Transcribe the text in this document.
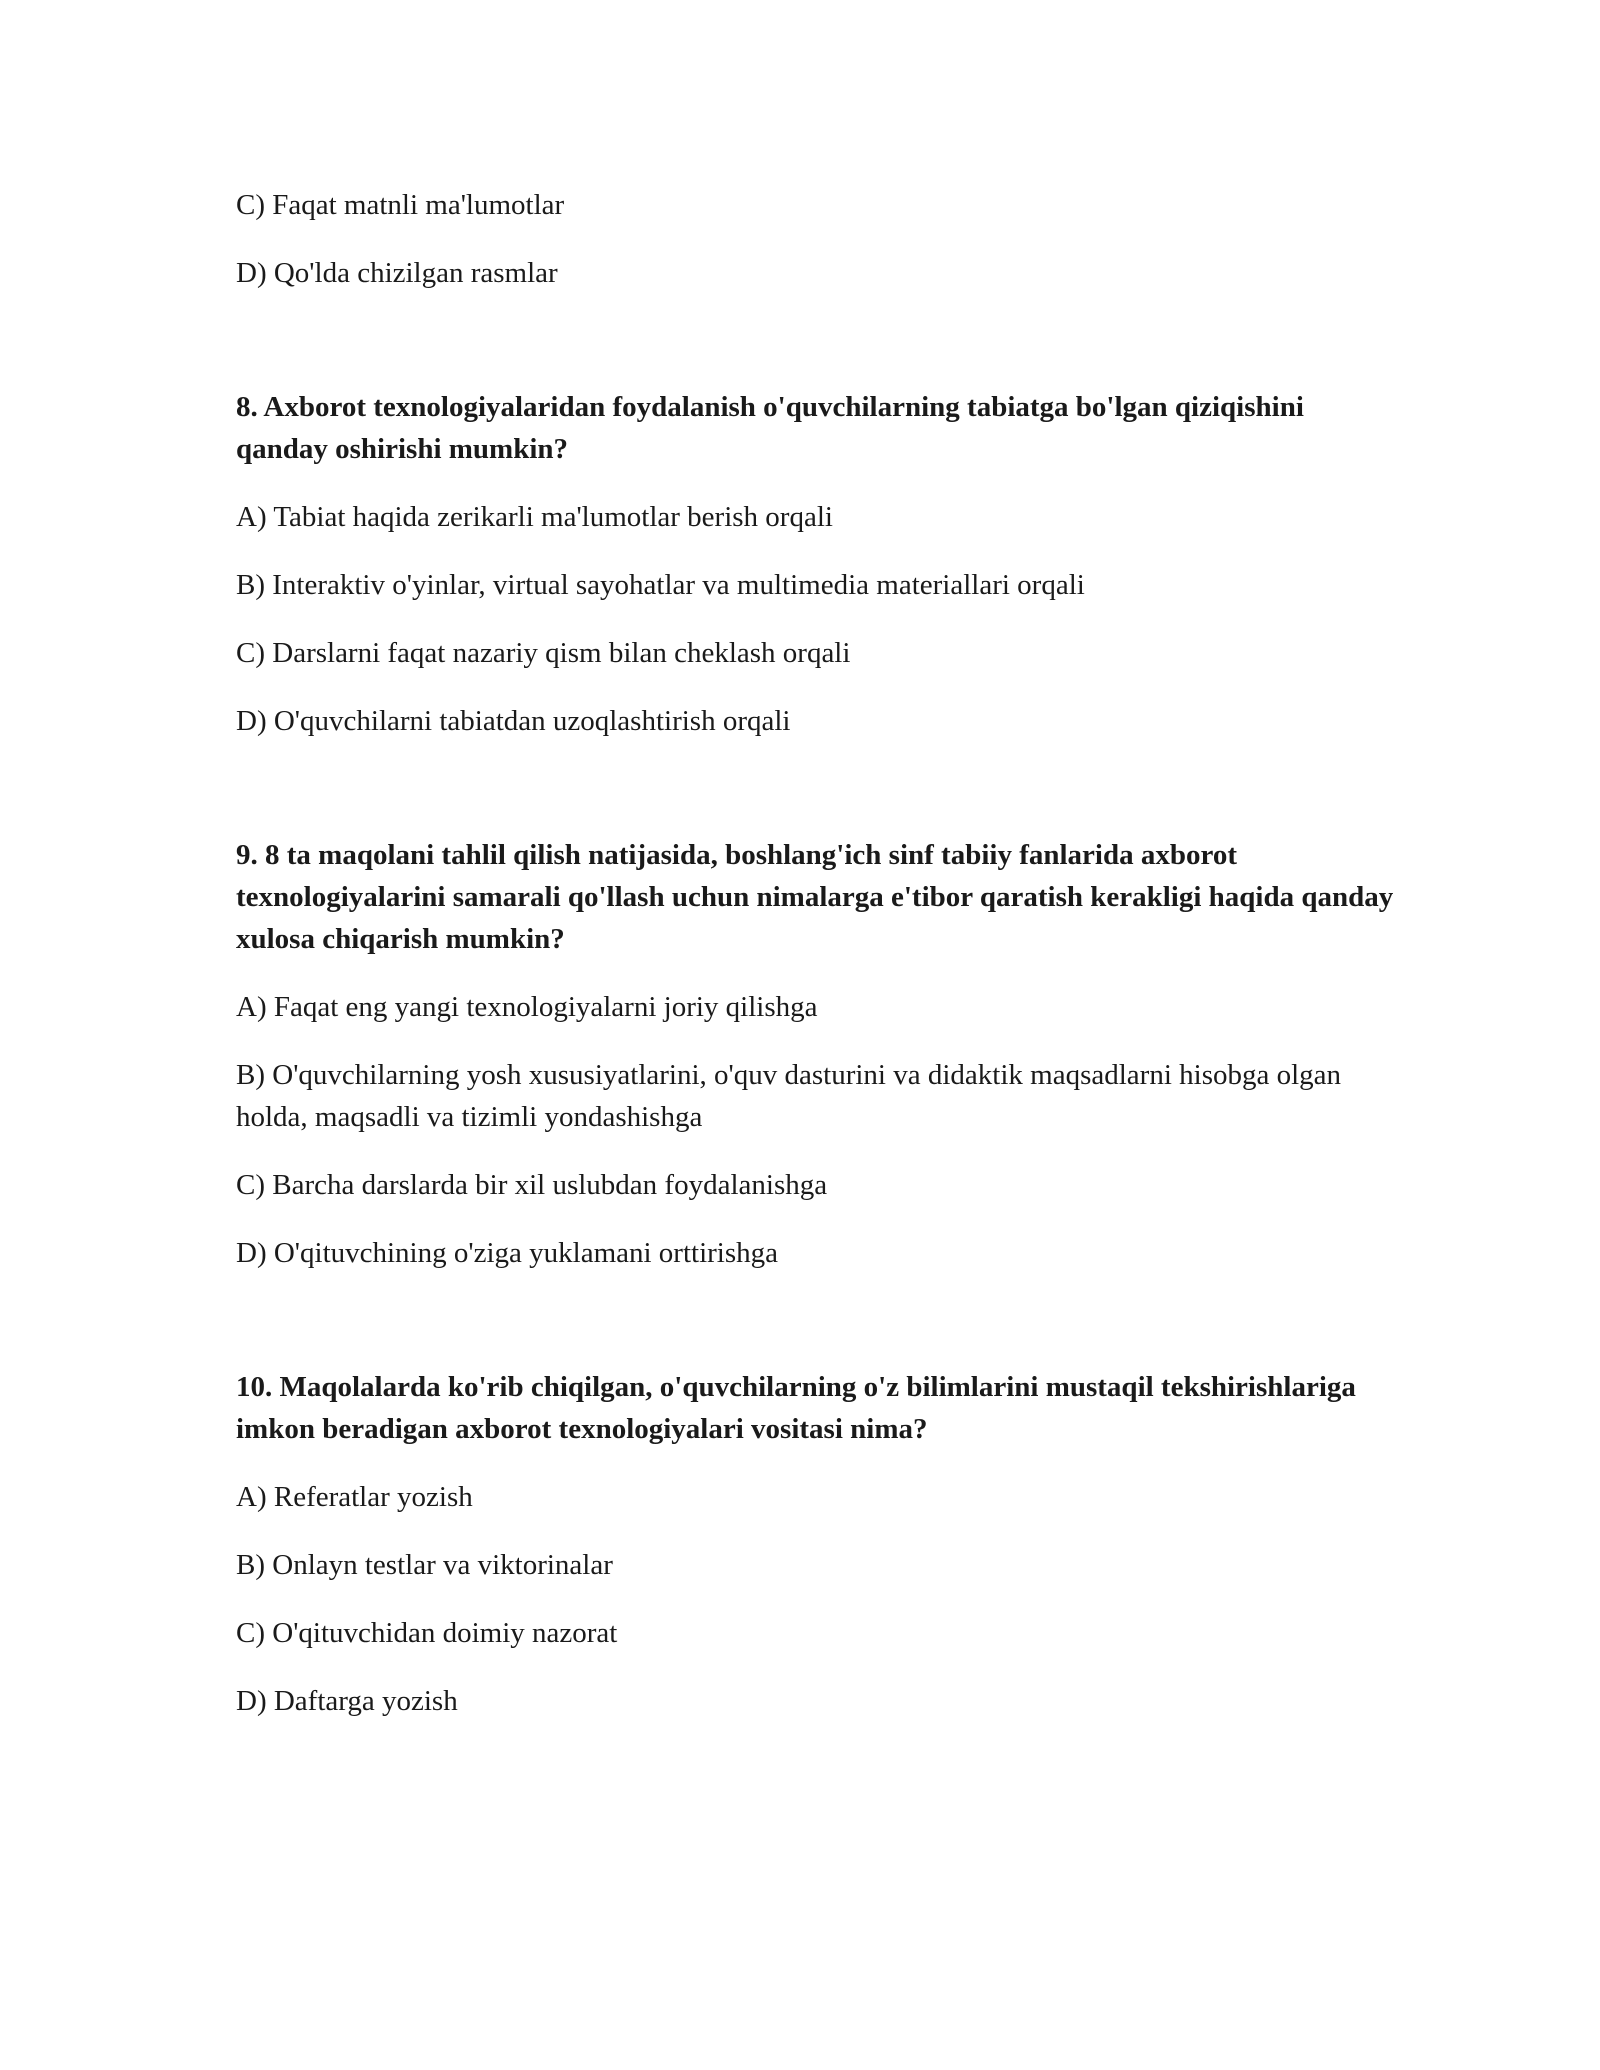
C) Faqat matnli ma'lumotlar

D) Qo'lda chizilgan rasmlar

8. Axborot texnologiyalaridan foydalanish o'quvchilarning tabiatga bo'lgan qiziqishini qanday oshirishi mumkin?

A) Tabiat haqida zerikarli ma'lumotlar berish orqali

B) Interaktiv o'yinlar, virtual sayohatlar va multimedia materiallari orqali

C) Darslarni faqat nazariy qism bilan cheklash orqali

D) O'quvchilarni tabiatdan uzoqlashtirish orqali

9. 8 ta maqolani tahlil qilish natijasida, boshlang'ich sinf tabiiy fanlarida axborot texnologiyalarini samarali qo'llash uchun nimalarga e'tibor qaratish kerakligi haqida qanday xulosa chiqarish mumkin?

A) Faqat eng yangi texnologiyalarni joriy qilishga

B) O'quvchilarning yosh xususiyatlarini, o'quv dasturini va didaktik maqsadlarni hisobga olgan holda, maqsadli va tizimli yondashishga

C) Barcha darslarda bir xil uslubdan foydalanishga

D) O'qituvchining o'ziga yuklamani orttirishga

10. Maqolalarda ko'rib chiqilgan, o'quvchilarning o'z bilimlarini mustaqil tekshirishlariga imkon beradigan axborot texnologiyalari vositasi nima?

A) Referatlar yozish

B) Onlayn testlar va viktorinalar

C) O'qituvchidan doimiy nazorat

D) Daftarga yozish
